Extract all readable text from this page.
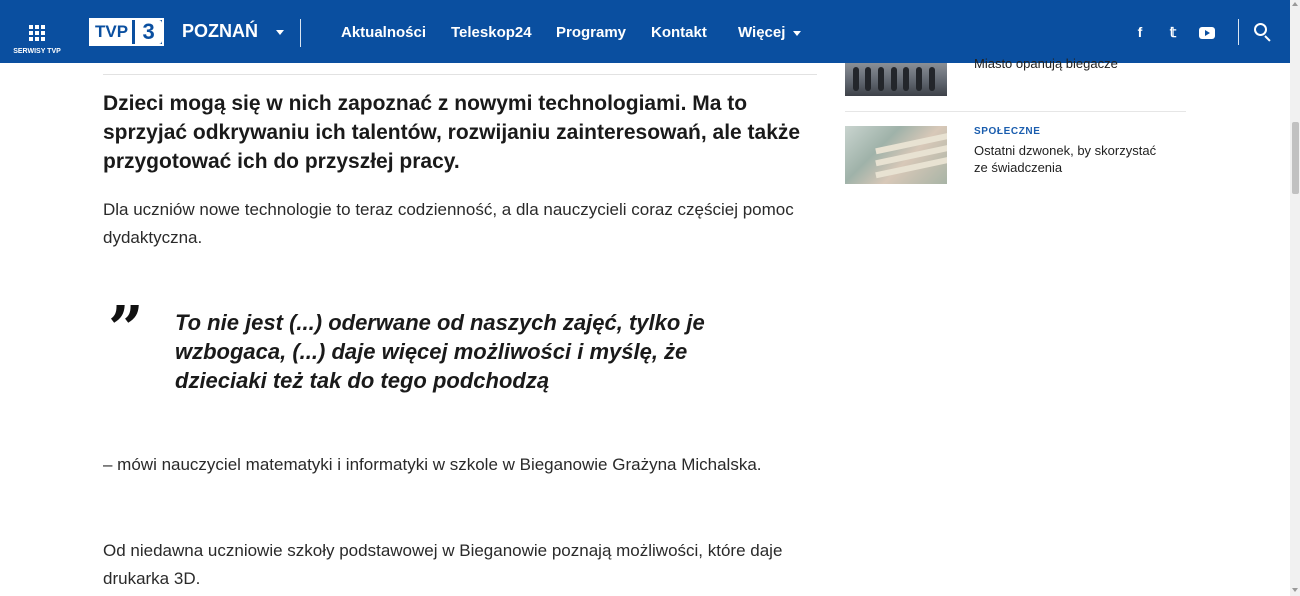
SERWISY TVP
TVP 3	POZNAŃ	Aktualności Teleskop24 Programy Kontakt Więcej	f	𝕥

Dzieci mogą się w nich zapoznać z nowymi technologiami. Ma to sprzyjać odkrywaniu ich talentów, rozwijaniu zainteresowań, ale także przygotować ich do przyszłej pracy.

Dla uczniów nowe technologie to teraz codzienność, a dla nauczycieli coraz częściej pomoc dydaktyczna.

” To nie jest (...) oderwane od naszych zajęć, tylko je wzbogaca, (...) daje więcej możliwości i myślę, że dzieciaki też tak do tego podchodzą

– mówi nauczyciel matematyki i informatyki w szkole w Bieganowie Grażyna Michalska.

Od niedawna uczniowie szkoły podstawowej w Bieganowie poznają możliwości, które daje drukarka 3D.

Miasto opanują biegacze
SPOŁECZNE
Ostatni dzwonek, by skorzystać ze świadczenia
